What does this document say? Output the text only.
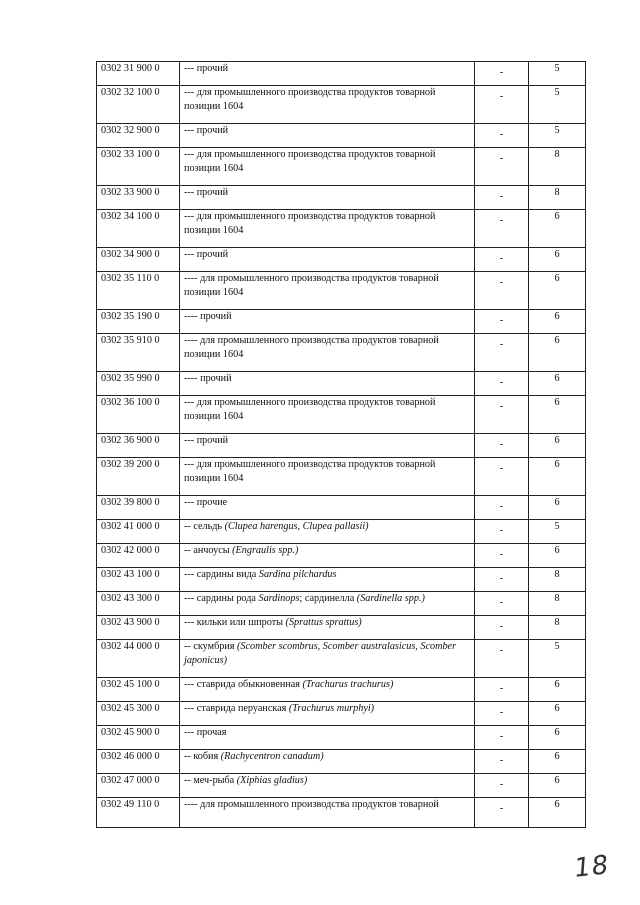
0302 31 900 0	--- прочий	-	5
0302 32 100 0	--- для промышленного производства продуктов товарной позиции 1604	-	5
0302 32 900 0	--- прочий	-	5
0302 33 100 0	--- для промышленного производства продуктов товарной позиции 1604	-	8
0302 33 900 0	--- прочий	-	8
0302 34 100 0	--- для промышленного производства продуктов товарной позиции 1604	-	6
0302 34 900 0	--- прочий	-	6
0302 35 110 0	---- для промышленного производства продуктов товарной позиции 1604	-	6
0302 35 190 0	---- прочий	-	6
0302 35 910 0	---- для промышленного производства продуктов товарной позиции 1604	-	6
0302 35 990 0	---- прочий	-	6
0302 36 100 0	--- для промышленного производства продуктов товарной позиции 1604	-	6
0302 36 900 0	--- прочий	-	6
0302 39 200 0	--- для промышленного производства продуктов товарной позиции 1604	-	6
0302 39 800 0	--- прочие	-	6
0302 41 000 0	-- сельдь (Clupea harengus, Clupea pallasii)	-	5
0302 42 000 0	-- анчоусы (Engraulis spp.)	-	6
0302 43 100 0	--- сардины вида Sardina pilchardus	-	8
0302 43 300 0	--- сардины рода Sardinops; сардинелла (Sardinella spp.)	-	8
0302 43 900 0	--- кильки или шпроты (Sprattus sprattus)	-	8
0302 44 000 0	-- скумбрия (Scomber scombrus, Scomber australasicus, Scomber japonicus)	-	5
0302 45 100 0	--- ставрида обыкновенная (Trachurus trachurus)	-	6
0302 45 300 0	--- ставрида перуанская (Trachurus murphyi)	-	6
0302 45 900 0	--- прочая	-	6
0302 46 000 0	-- кобия (Rachycentron canadum)	-	6
0302 47 000 0	-- меч-рыба (Xiphias gladius)	-	6
0302 49 110 0	---- для промышленного производства продуктов товарной	-	6
18
